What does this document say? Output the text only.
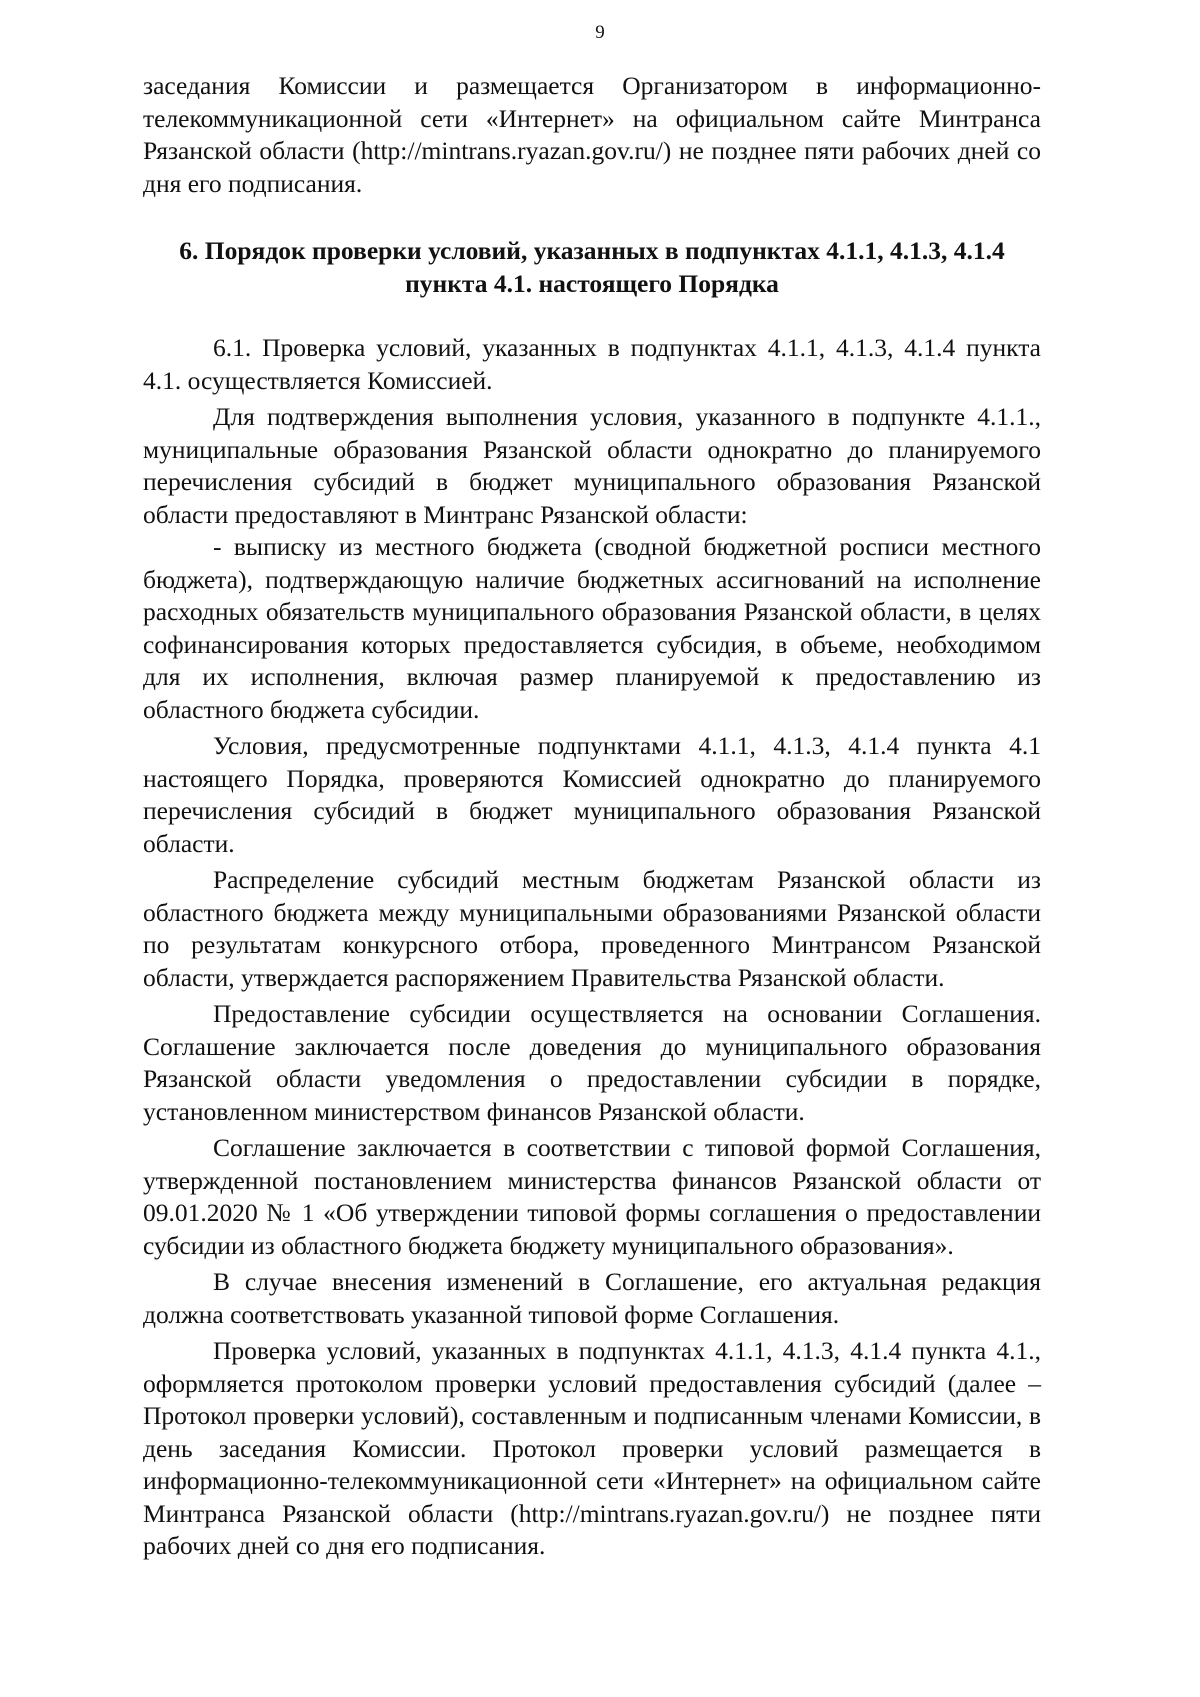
9

заседания Комиссии и размещается Организатором в информационно-телекоммуникационной сети «Интернет» на официальном сайте Минтранса Рязанской области (http://mintrans.ryazan.gov.ru/) не позднее пяти рабочих дней со дня его подписания.

6. Порядок проверки условий, указанных в подпунктах 4.1.1, 4.1.3, 4.1.4 пункта 4.1. настоящего Порядка

6.1. Проверка условий, указанных в подпунктах 4.1.1, 4.1.3, 4.1.4 пункта 4.1. осуществляется Комиссией.

Для подтверждения выполнения условия, указанного в подпункте 4.1.1., муниципальные образования Рязанской области однократно до планируемого перечисления субсидий в бюджет муниципального образования Рязанской области предоставляют в Минтранс Рязанской области:

- выписку из местного бюджета (сводной бюджетной росписи местного бюджета), подтверждающую наличие бюджетных ассигнований на исполнение расходных обязательств муниципального образования Рязанской области, в целях софинансирования которых предоставляется субсидия, в объеме, необходимом для их исполнения, включая размер планируемой к предоставлению из областного бюджета субсидии.

Условия, предусмотренные подпунктами 4.1.1, 4.1.3, 4.1.4 пункта 4.1 настоящего Порядка, проверяются Комиссией однократно до планируемого перечисления субсидий в бюджет муниципального образования Рязанской области.

Распределение субсидий местным бюджетам Рязанской области из областного бюджета между муниципальными образованиями Рязанской области по результатам конкурсного отбора, проведенного Минтрансом Рязанской области, утверждается распоряжением Правительства Рязанской области.

Предоставление субсидии осуществляется на основании Соглашения. Соглашение заключается после доведения до муниципального образования Рязанской области уведомления о предоставлении субсидии в порядке, установленном министерством финансов Рязанской области.

Соглашение заключается в соответствии с типовой формой Соглашения, утвержденной постановлением министерства финансов Рязанской области от 09.01.2020 № 1 «Об утверждении типовой формы соглашения о предоставлении субсидии из областного бюджета бюджету муниципального образования».

В случае внесения изменений в Соглашение, его актуальная редакция должна соответствовать указанной типовой форме Соглашения.

Проверка условий, указанных в подпунктах 4.1.1, 4.1.3, 4.1.4 пункта 4.1., оформляется протоколом проверки условий предоставления субсидий (далее – Протокол проверки условий), составленным и подписанным членами Комиссии, в день заседания Комиссии. Протокол проверки условий размещается в информационно-телекоммуникационной сети «Интернет» на официальном сайте Минтранса Рязанской области (http://mintrans.ryazan.gov.ru/) не позднее пяти рабочих дней со дня его подписания.
